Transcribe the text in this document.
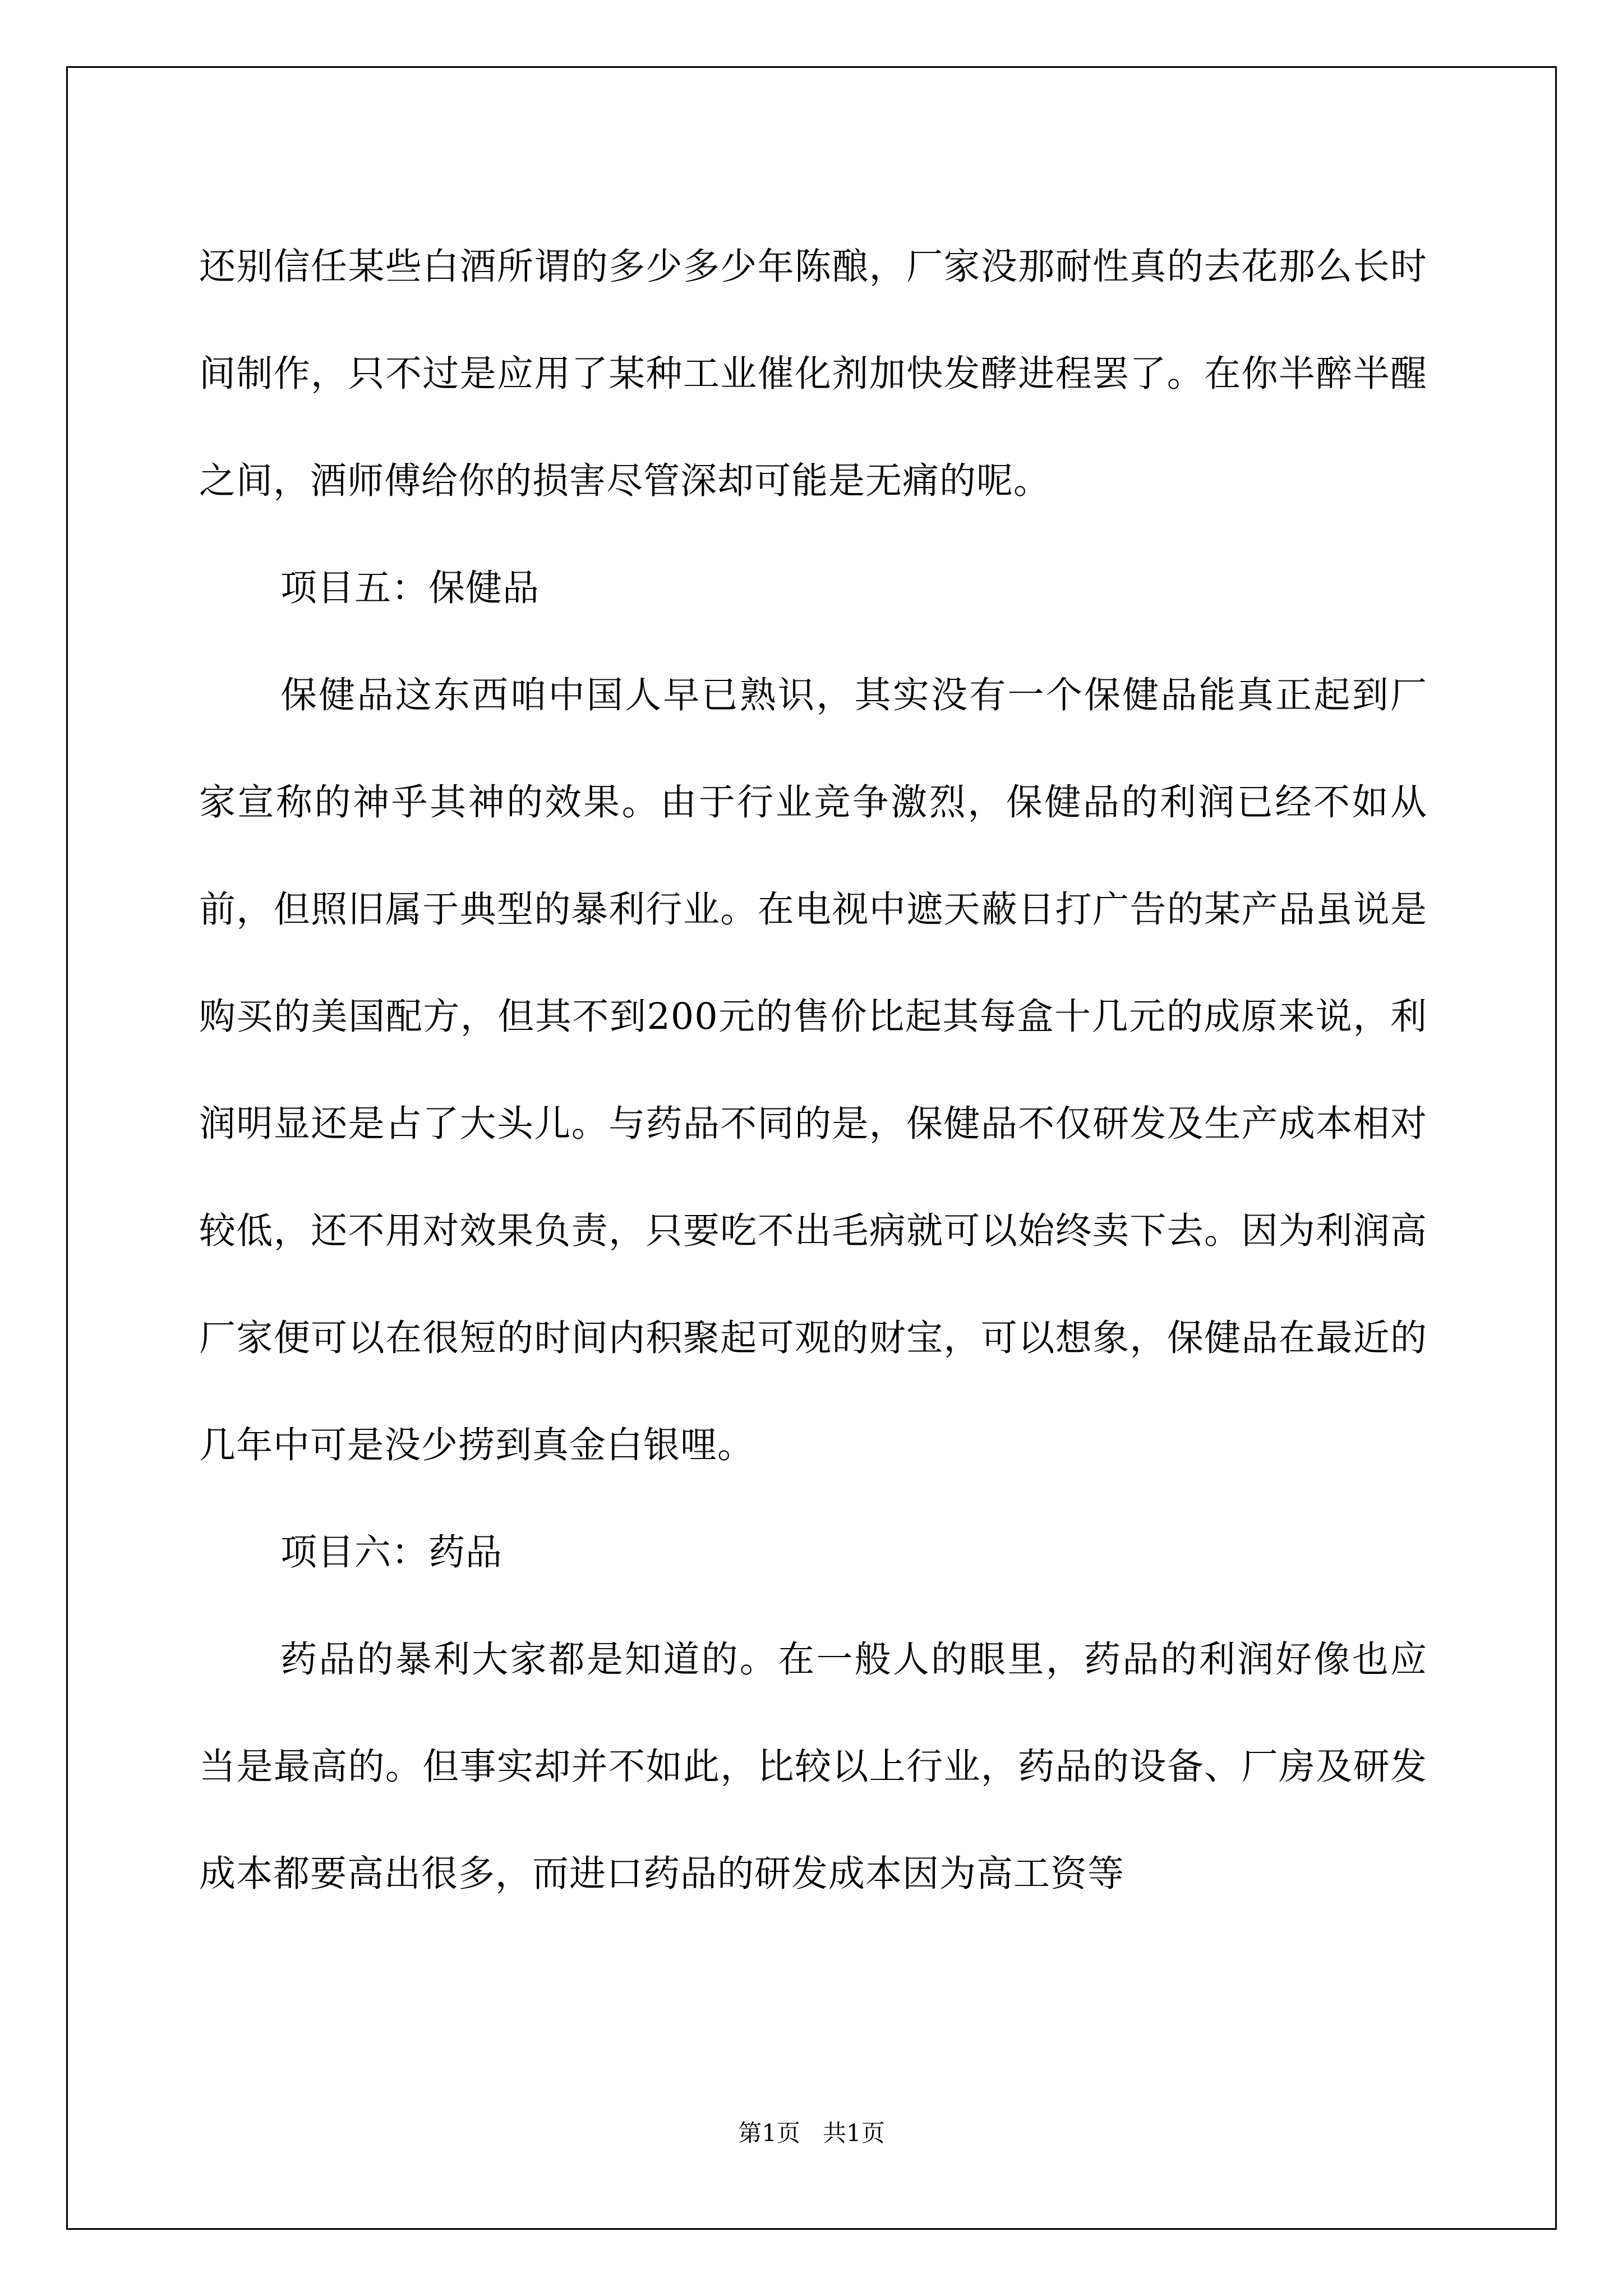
还别信任某些白酒所谓的多少多少年陈酿，厂家没那耐性真的去花那么长时间制作，只不过是应用了某种工业催化剂加快发酵进程罢了。在你半醉半醒之间，酒师傅给你的损害尽管深却可能是无痛的呢。

项目五：保健品

保健品这东西咱中国人早已熟识，其实没有一个保健品能真正起到厂家宣称的神乎其神的效果。由于行业竞争激烈，保健品的利润已经不如从前，但照旧属于典型的暴利行业。在电视中遮天蔽日打广告的某产品虽说是购买的美国配方，但其不到200元的售价比起其每盒十几元的成原来说，利润明显还是占了大头儿。与药品不同的是，保健品不仅研发及生产成本相对较低，还不用对效果负责，只要吃不出毛病就可以始终卖下去。因为利润高厂家便可以在很短的时间内积聚起可观的财宝，可以想象，保健品在最近的几年中可是没少捞到真金白银哩。

项目六：药品

药品的暴利大家都是知道的。在一般人的眼里，药品的利润好像也应当是最高的。但事实却并不如此，比较以上行业，药品的设备、厂房及研发成本都要高出很多，而进口药品的研发成本因为高工资等

第1页 共1页
